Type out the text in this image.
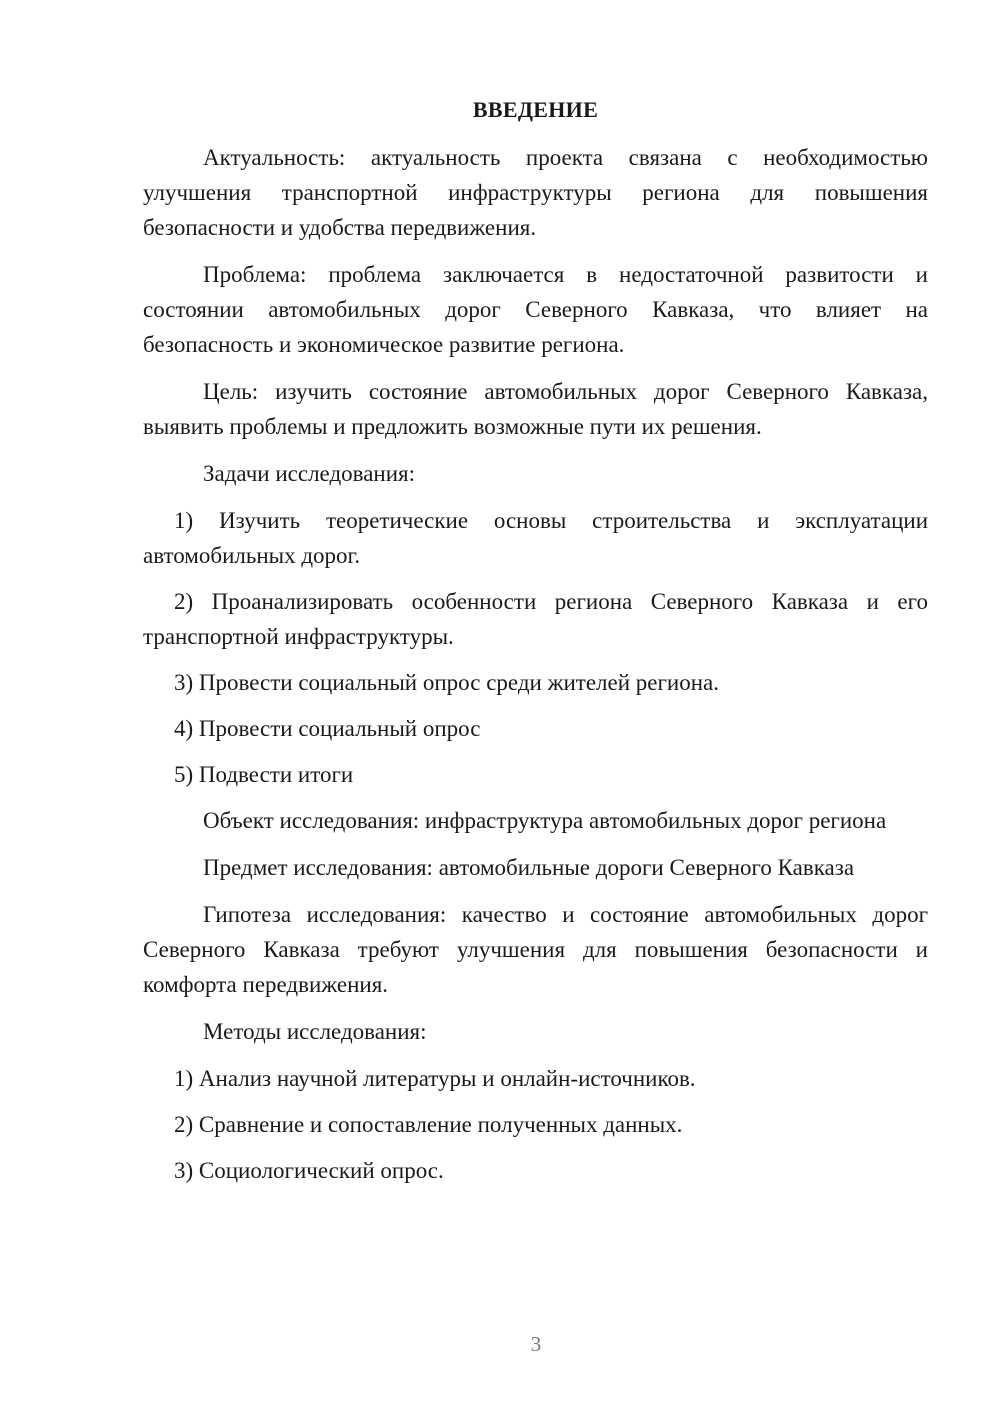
ВВЕДЕНИЕ

Актуальность: актуальность проекта связана с необходимостью улучшения транспортной инфраструктуры региона для повышения безопасности и удобства передвижения.

Проблема: проблема заключается в недостаточной развитости и состоянии автомобильных дорог Северного Кавказа, что влияет на безопасность и экономическое развитие региона.

Цель: изучить состояние автомобильных дорог Северного Кавказа, выявить проблемы и предложить возможные пути их решения.

Задачи исследования:

1) Изучить теоретические основы строительства и эксплуатации автомобильных дорог.

2) Проанализировать особенности региона Северного Кавказа и его транспортной инфраструктуры.

3) Провести социальный опрос среди жителей региона.

4) Провести социальный опрос

5) Подвести итоги

Объект исследования: инфраструктура автомобильных дорог региона

Предмет исследования: автомобильные дороги Северного Кавказа

Гипотеза исследования: качество и состояние автомобильных дорог Северного Кавказа требуют улучшения для повышения безопасности и комфорта передвижения.

Методы исследования:

1) Анализ научной литературы и онлайн-источников.

2) Сравнение и сопоставление полученных данных.

3) Социологический опрос.

3
